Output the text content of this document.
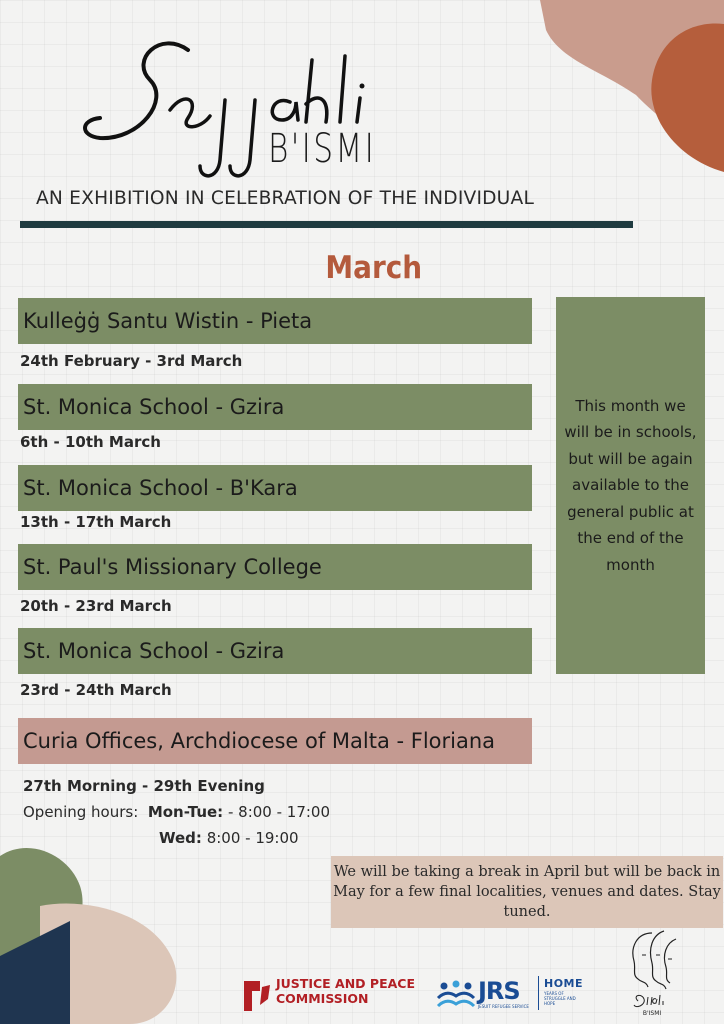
B'ISMI
AN EXHIBITION IN CELEBRATION OF THE INDIVIDUAL
March
Kulleġġ Santu Wistin - Pieta
24th February - 3rd March
St. Monica School - Gzira
6th - 10th March
St. Monica School - B'Kara
13th - 17th March
St. Paul's Missionary College
20th - 23rd March
St. Monica School - Gzira
23rd - 24th March
This month we will be in schools, but will be again available to the general public at the end of the month
Curia Offices, Archdiocese of Malta - Floriana
27th Morning - 29th Evening
Opening hours: Mon-Tue: - 8:00 - 17:00
Wed: 8:00 - 19:00
We will be taking a break in April but will be back in May for a few final localities, venues and dates. Stay tuned.
JUSTICE AND PEACE
COMMISSION	JRS
JESUIT REFUGEE SERVICE
HOME
YEARS OF STRUGGLE AND HOPE
B'ISMI
